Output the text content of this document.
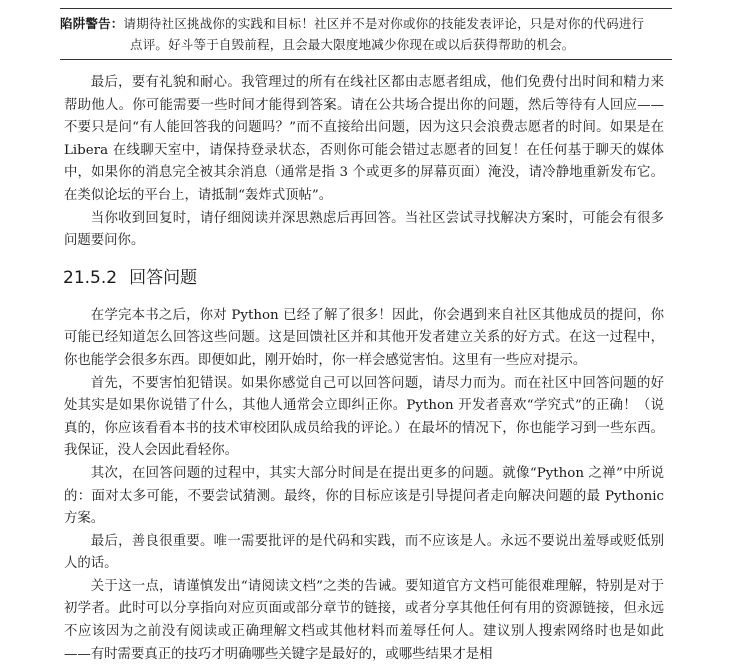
陷阱警告：请期待社区挑战你的实践和目标！社区并不是对你或你的技能发表评论，只是对你的代码进行
点评。好斗等于自毁前程，且会最大限度地减少你现在或以后获得帮助的机会。

最后，要有礼貌和耐心。我管理过的所有在线社区都由志愿者组成，他们免费付出时间和精力来帮助他人。你可能需要一些时间才能得到答案。请在公共场合提出你的问题，然后等待有人回应——不要只是问“有人能回答我的问题吗？”而不直接给出问题，因为这只会浪费志愿者的时间。如果是在 Libera 在线聊天室中，请保持登录状态，否则你可能会错过志愿者的回复！在任何基于聊天的媒体中，如果你的消息完全被其余消息（通常是指 3 个或更多的屏幕页面）淹没，请冷静地重新发布它。在类似论坛的平台上，请抵制“轰炸式顶帖”。

当你收到回复时，请仔细阅读并深思熟虑后再回答。当社区尝试寻找解决方案时，可能会有很多问题要问你。

21.5.2 回答问题

在学完本书之后，你对 Python 已经了解了很多！因此，你会遇到来自社区其他成员的提问，你可能已经知道怎么回答这些问题。这是回馈社区并和其他开发者建立关系的好方式。在这一过程中，你也能学会很多东西。即便如此，刚开始时，你一样会感觉害怕。这里有一些应对提示。

首先，不要害怕犯错误。如果你感觉自己可以回答问题，请尽力而为。而在社区中回答问题的好处其实是如果你说错了什么，其他人通常会立即纠正你。Python 开发者喜欢“学究式”的正确！（说真的，你应该看看本书的技术审校团队成员给我的评论。）在最坏的情况下，你也能学习到一些东西。我保证，没人会因此看轻你。

其次，在回答问题的过程中，其实大部分时间是在提出更多的问题。就像“Python 之禅”中所说的：面对太多可能，不要尝试猜测。最终，你的目标应该是引导提问者走向解决问题的最 Pythonic 方案。

最后，善良很重要。唯一需要批评的是代码和实践，而不应该是人。永远不要说出羞辱或贬低别人的话。

关于这一点，请谨慎发出“请阅读文档”之类的告诫。要知道官方文档可能很难理解，特别是对于初学者。此时可以分享指向对应页面或部分章节的链接，或者分享其他任何有用的资源链接，但永远不应该因为之前没有阅读或正确理解文档或其他材料而羞辱任何人。建议别人搜索网络时也是如此——有时需要真正的技巧才明确哪些关键字是最好的，或哪些结果才是相
